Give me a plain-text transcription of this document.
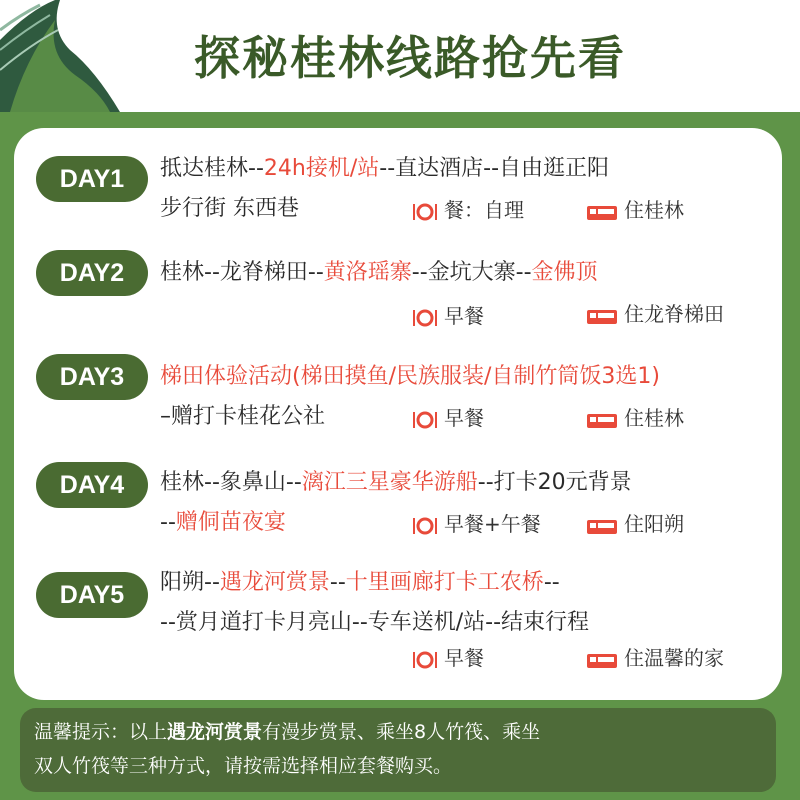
探秘桂林线路抢先看
DAY1	抵达桂林--24h接机/站--直达酒店--自由逛正阳
步行街 东西巷	餐：自理	住桂林
DAY2	桂林--龙脊梯田--黄洛瑶寨--金坑大寨--金佛顶
早餐	住龙脊梯田
DAY3	梯田体验活动(梯田摸鱼/民族服装/自制竹筒饭3选1)
–赠打卡桂花公社	早餐	住桂林
DAY4	桂林--象鼻山--漓江三星豪华游船--打卡20元背景
--赠侗苗夜宴	早餐+午餐	住阳朔
DAY5	阳朔--遇龙河赏景--十里画廊打卡工农桥--
--赏月道打卡月亮山--专车送机/站--结束行程
早餐	住温馨的家
温馨提示：以上遇龙河赏景有漫步赏景、乘坐8人竹筏、乘坐
双人竹筏等三种方式，请按需选择相应套餐购买。
